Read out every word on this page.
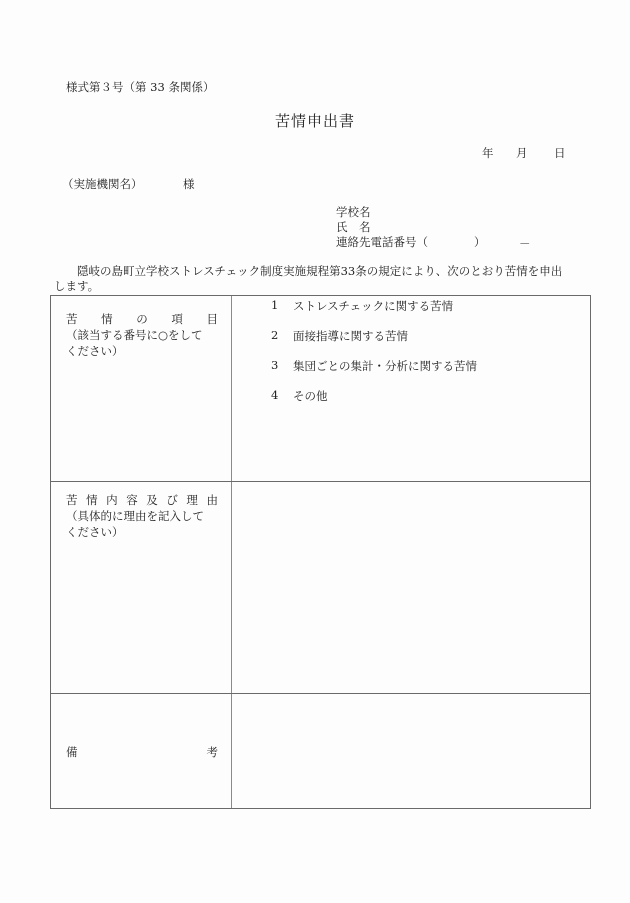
様式第３号（第 33 条関係）
苦情申出書
年 月 日
（実施機関名）	様
学校名
氏　名
連絡先電話番号（　　　　）	－
隠岐の島町立学校ストレスチェック制度実施規程第33条の規定により、次のとおり苦情を申出
します。
苦 情 の 項 目
（該当する番号に○をして
ください）
1	ストレスチェックに関する苦情
2	面接指導に関する苦情
3	集団ごとの集計・分析に関する苦情
4	その他
苦 情 内 容 及 び 理 由
（具体的に理由を記入して
ください）
備	考
